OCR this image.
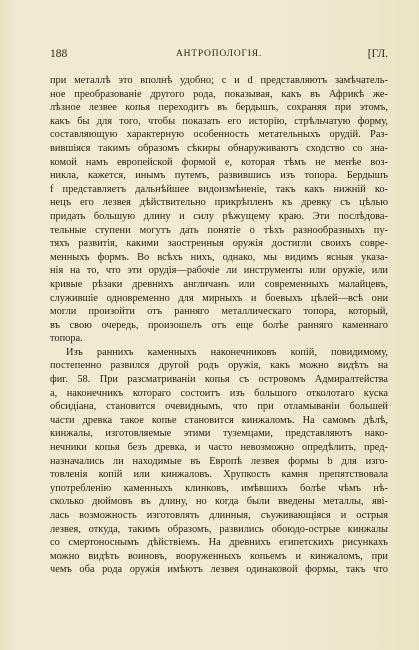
188	АНТРОПОЛОГІЯ.	[ГЛ.
при металлѣ это вполнѣ удобно; c и d представляютъ замѣчатель-
ное преобразованіе другого рода, показывая, какъ въ Африкѣ же-
лѣзное лезвее копья переходитъ въ бердышъ, сохраняя при этомъ,
какъ бы для того, чтобы показать его исторію, стрѣльчатую форму,
составляющую характерную особенность метательныхъ орудій. Раз-
вившіяся такимъ образомъ сѣкиры обнаруживаютъ сходство со зна-
комой намъ европейской формой e, которая тѣмъ не менѣе воз-
никла, кажется, инымъ путемъ, развившись изъ топора. Бердышъ
f представляетъ дальнѣйшее видоизмѣненіе, такъ какъ нижній ко-
нецъ его лезвея дѣйствительно прикрѣпленъ къ древку съ цѣлью
придать большую длину и силу рѣжущему краю. Эти послѣдова-
тельные ступени могутъ дать понятіе о тѣхъ разнообразныхъ пу-
тяхъ развитія, какими заостренныя оружія достигли своихъ совре-
менныхъ формъ. Во всѣхъ нихъ, однако, мы видимъ ясныя указа-
нія на то, что эти орудія—рабочіе ли инструменты или оружіе, или
кривые рѣзаки древнихъ англичанъ или современныхъ малайцевъ,
служившіе одновременно для мирныхъ и боевыхъ цѣлей—всѣ они
могли произойти отъ ранняго металлическаго топора, который,
въ свою очередь, произошелъ отъ еще болѣе ранняго каменнаго
топора.
Изъ раннихъ каменныхъ наконечниковъ копій, повидимому,
постепенно развился другой родъ оружія, какъ можно видѣть на
фиг. 58. При разсматриваніи копья съ островомъ Адмиралтейства
a, наконечникъ котораго состоитъ изъ большого отколотаго куска
обсидіана, становится очевиднымъ, что при отламываніи большей
части древка такое копье становится кинжаломъ. На самомъ дѣлѣ,
кинжалы, изготовляемые этими туземцами, представляютъ нако-
нечники копья безъ древка, и часто невозможно опредѣлить, пред-
назначались ли находимые въ Европѣ лезвея формы b для изго-
товленія копій или кинжаловъ. Хрупкость камня препятствовала
употребленію каменныхъ клинковъ, имѣвшихъ болѣе чѣмъ нѣ-
сколько дюймовъ въ длину, но когда были введены металлы, яві-
лась возможность изготовлять длинныя, съуживающіяся и острыя
лезвея, откуда, такимъ образомъ, развились обоюдо-острые кинжалы
со смертоноснымъ дѣйствіемъ. На древнихъ египетскихъ рисункахъ
можно видѣть воиновъ, вооруженныхъ копьемъ и кинжаломъ, при
чемъ оба рода оружія имѣютъ лезвея одинаковой формы, такъ что
